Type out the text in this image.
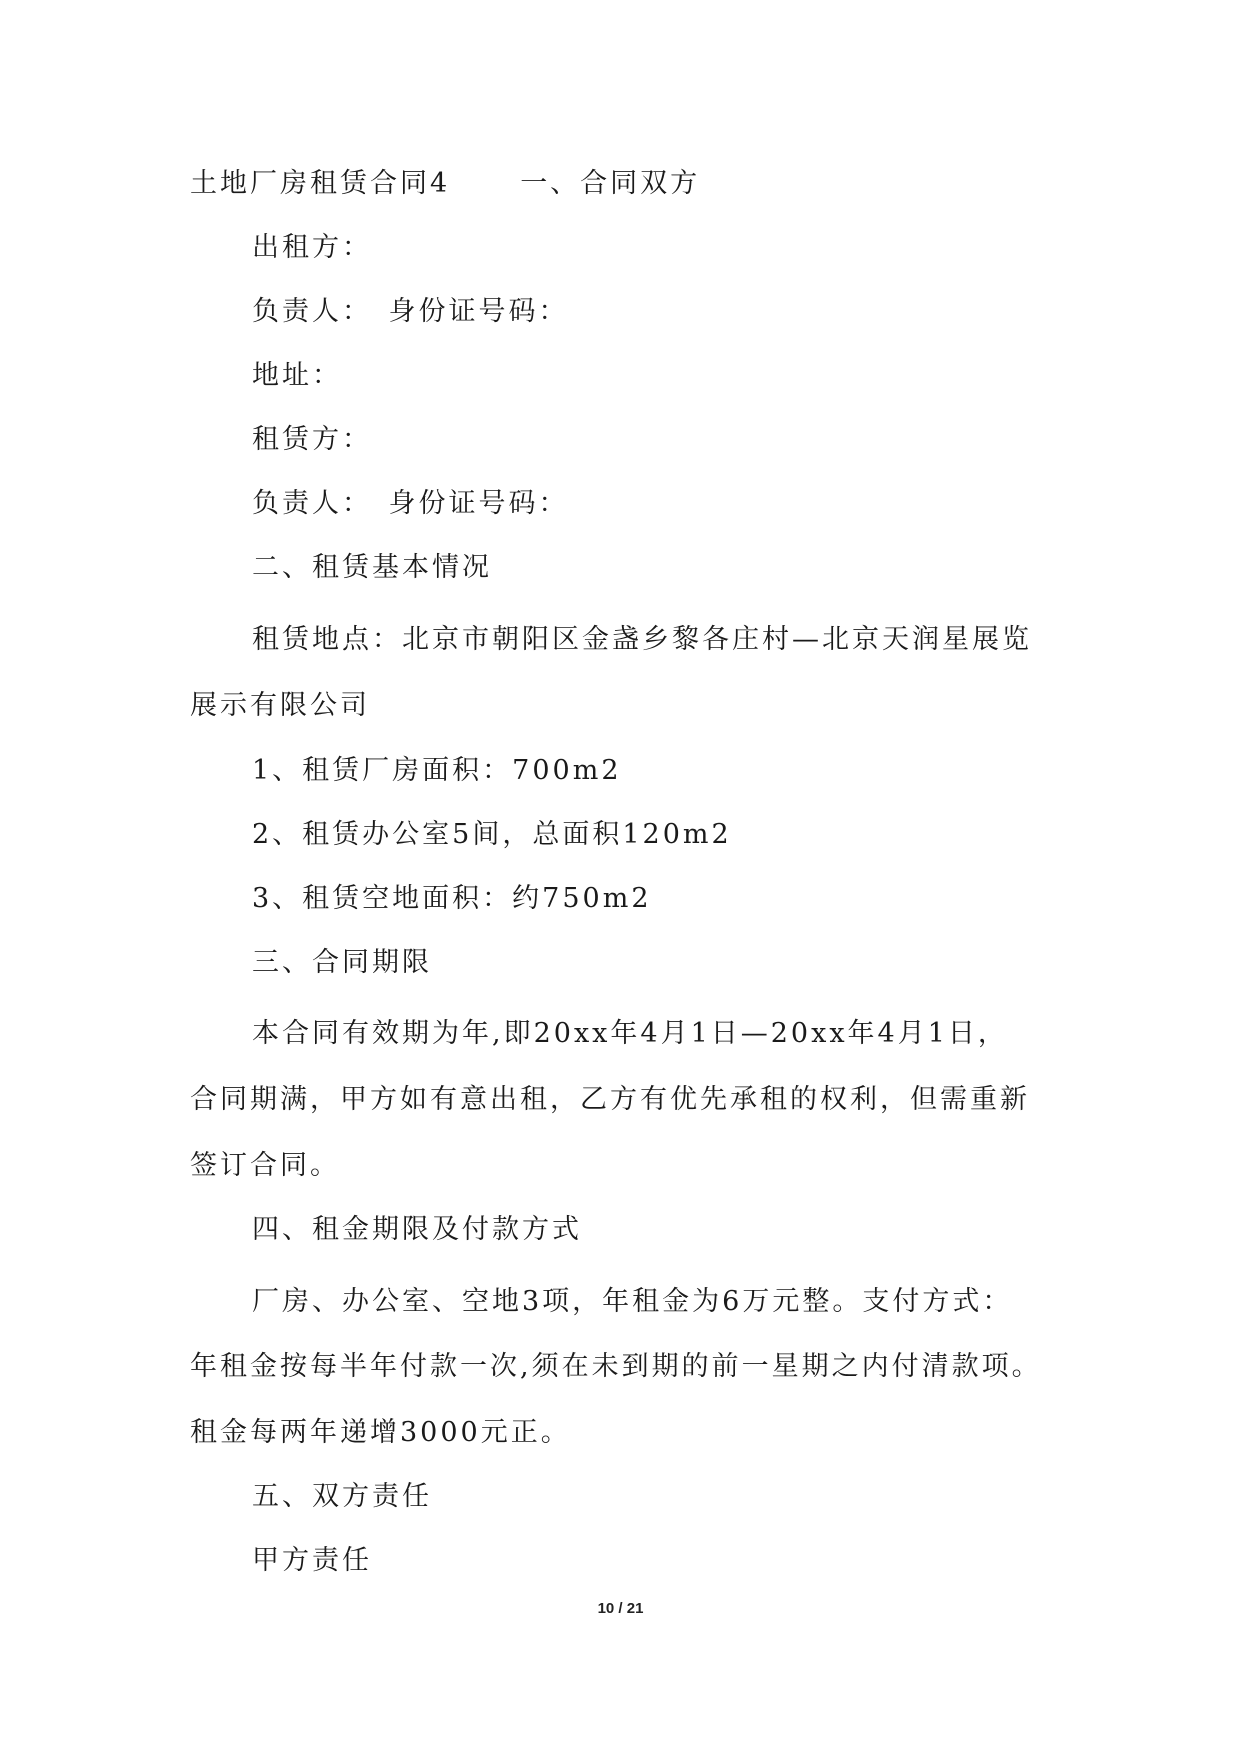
土地厂房租赁合同4	一、合同双方
出租方：
负责人：　身份证号码：
地址：
租赁方：
负责人：　身份证号码：
二、租赁基本情况
租赁地点：北京市朝阳区金盏乡黎各庄村—北京天润星展览
展示有限公司
1、租赁厂房面积：700m2
2、租赁办公室5间，总面积120m2
3、租赁空地面积：约750m2
三、合同期限
本合同有效期为年,即20xx年4月1日—20xx年4月1日，
合同期满，甲方如有意出租，乙方有优先承租的权利，但需重新
签订合同。
四、租金期限及付款方式
厂房、办公室、空地3项，年租金为6万元整。支付方式：
年租金按每半年付款一次,须在未到期的前一星期之内付清款项。
租金每两年递增3000元正。
五、双方责任
甲方责任
10 / 21
